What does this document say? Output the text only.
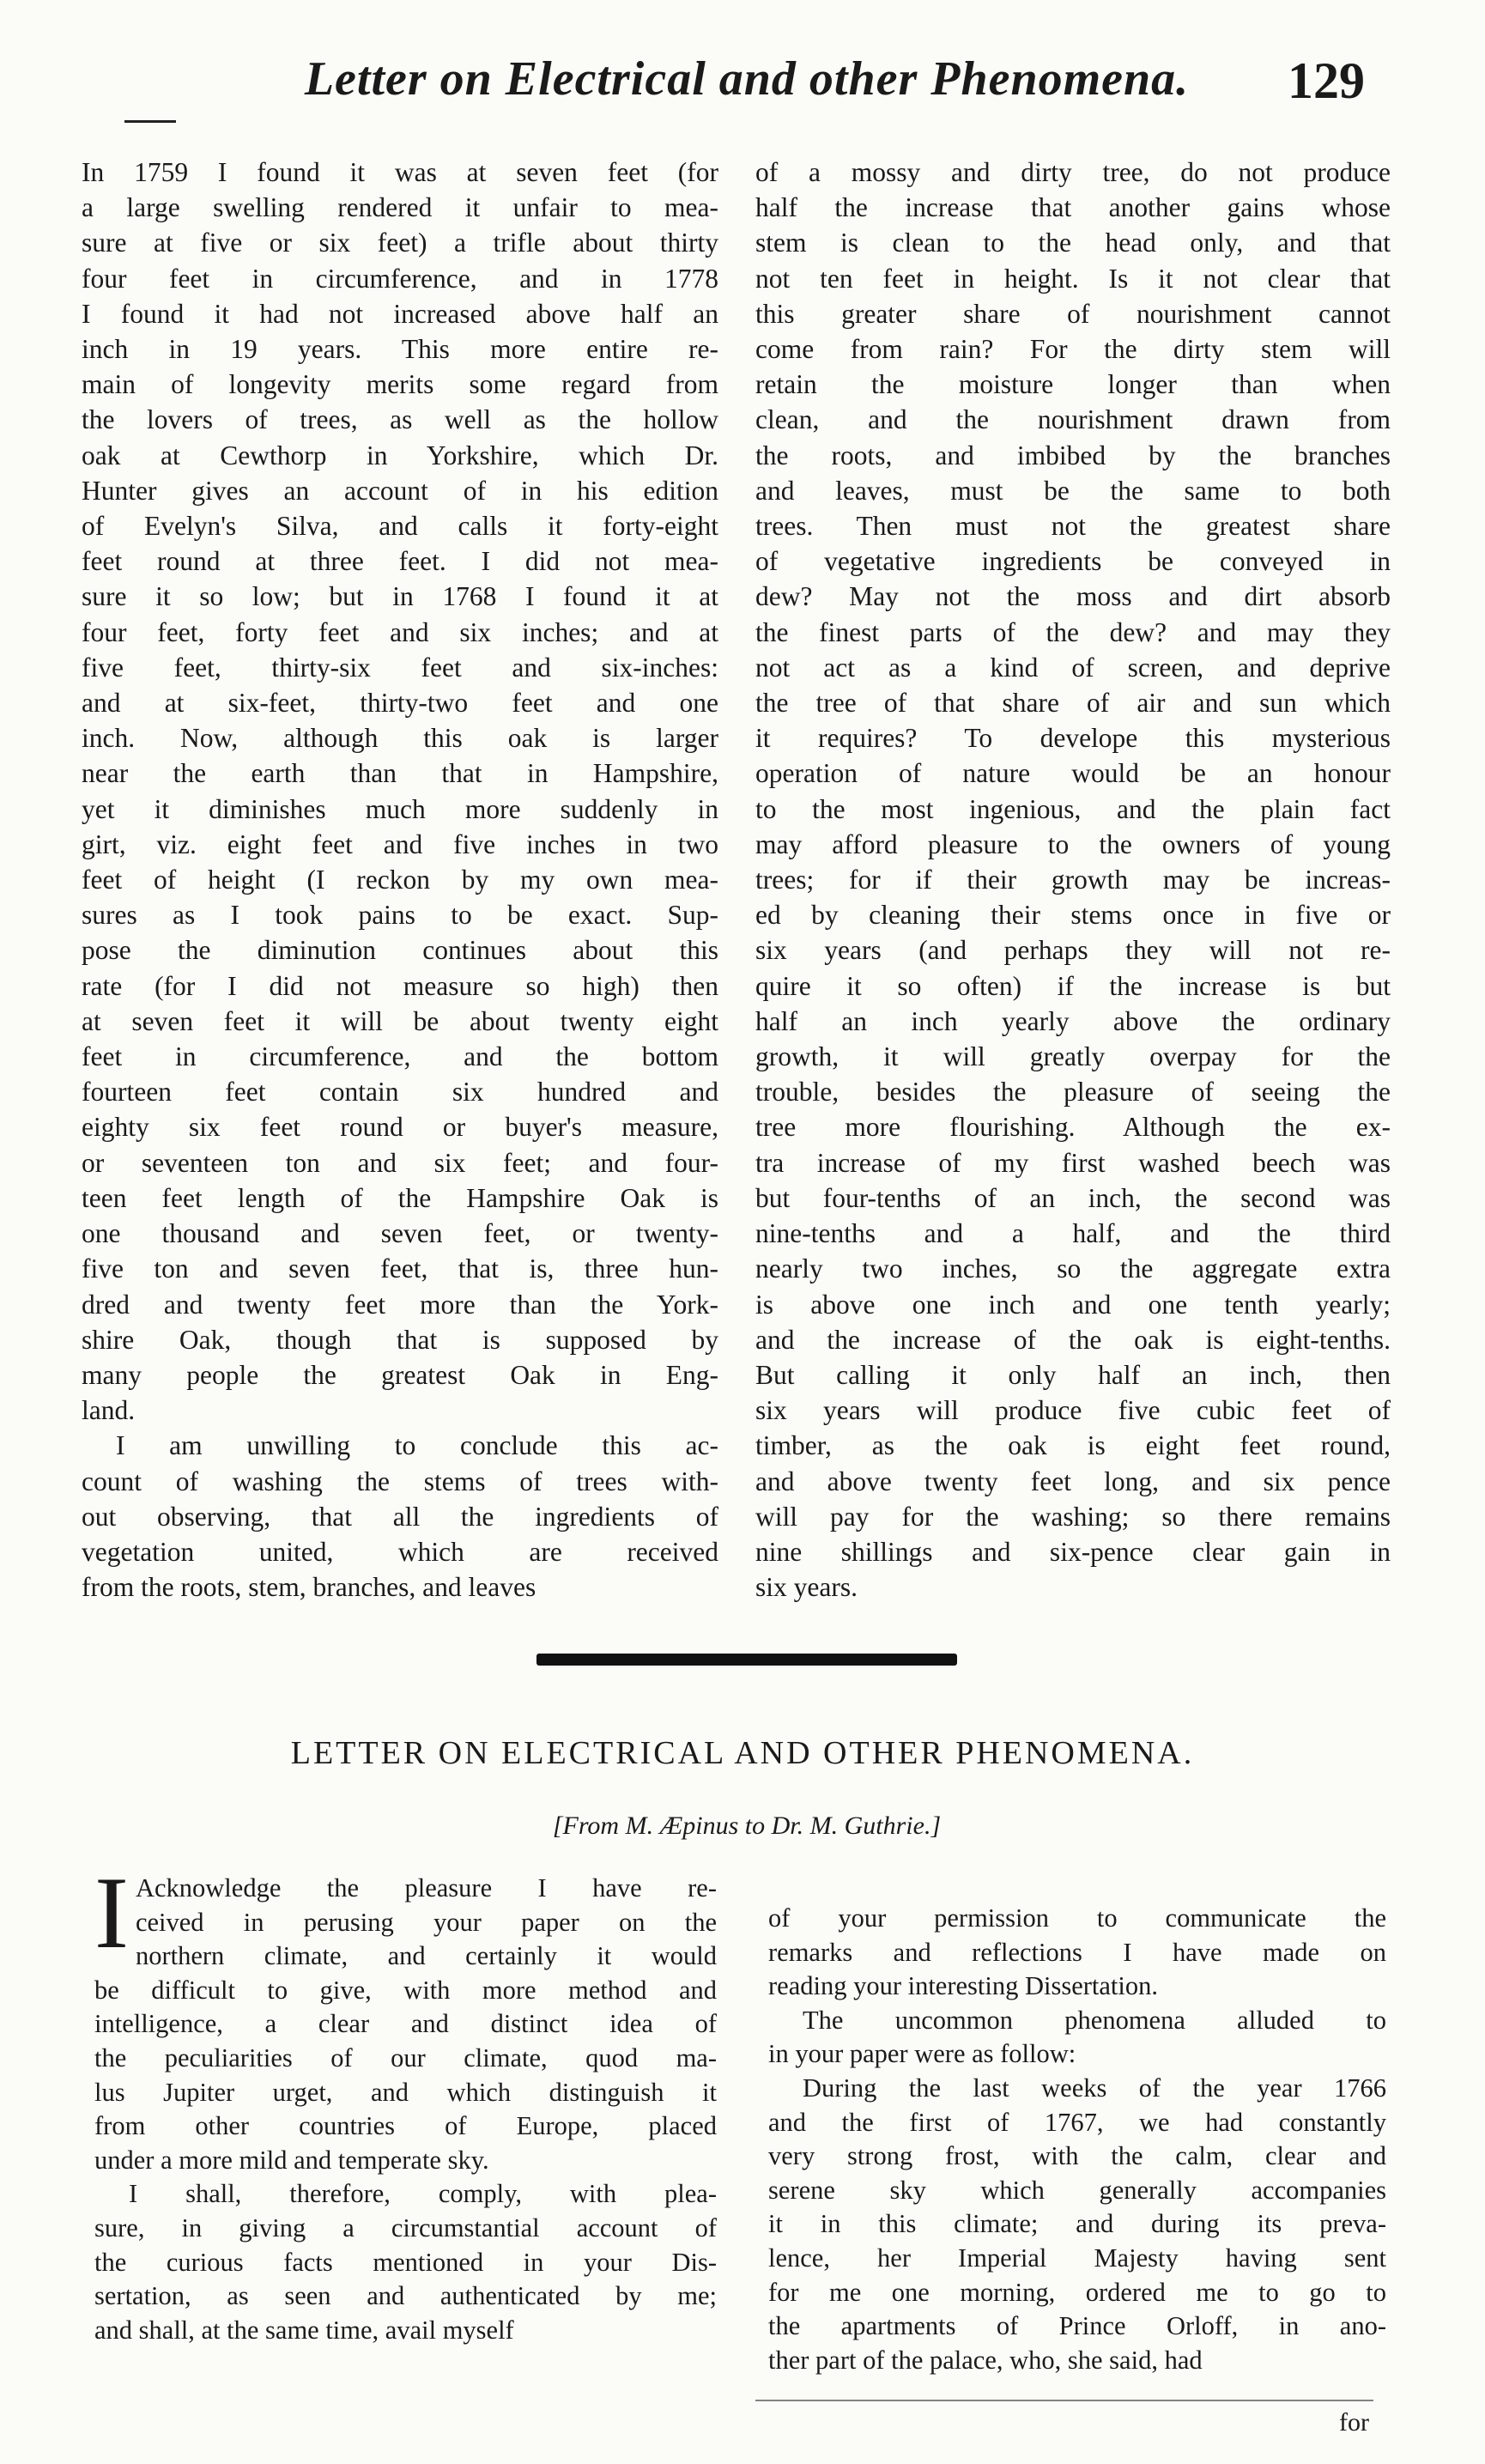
Letter on Electrical and other Phenomena.	129
In 1759 I found it was at seven feet (for
a large swelling rendered it unfair to mea-
sure at five or six feet) a trifle about thirty
four feet in circumference, and in 1778
I found it had not increased above half an
inch in 19 years. This more entire re-
main of longevity merits some regard from
the lovers of trees, as well as the hollow
oak at Cewthorp in Yorkshire, which Dr.
Hunter gives an account of in his edition
of Evelyn's Silva, and calls it forty-eight
feet round at three feet. I did not mea-
sure it so low; but in 1768 I found it at
four feet, forty feet and six inches; and at
five feet, thirty-six feet and six-inches:
and at six-feet, thirty-two feet and one
inch. Now, although this oak is larger
near the earth than that in Hampshire,
yet it diminishes much more suddenly in
girt, viz. eight feet and five inches in two
feet of height (I reckon by my own mea-
sures as I took pains to be exact. Sup-
pose the diminution continues about this
rate (for I did not measure so high) then
at seven feet it will be about twenty eight
feet in circumference, and the bottom
fourteen feet contain six hundred and
eighty six feet round or buyer's measure,
or seventeen ton and six feet; and four-
teen feet length of the Hampshire Oak is
one thousand and seven feet, or twenty-
five ton and seven feet, that is, three hun-
dred and twenty feet more than the York-
shire Oak, though that is supposed by
many people the greatest Oak in Eng-
land.
I am unwilling to conclude this ac-
count of washing the stems of trees with-
out observing, that all the ingredients of
vegetation united, which are received
from the roots, stem, branches, and leaves
of a mossy and dirty tree, do not produce
half the increase that another gains whose
stem is clean to the head only, and that
not ten feet in height. Is it not clear that
this greater share of nourishment cannot
come from rain? For the dirty stem will
retain the moisture longer than when
clean, and the nourishment drawn from
the roots, and imbibed by the branches
and leaves, must be the same to both
trees. Then must not the greatest share
of vegetative ingredients be conveyed in
dew? May not the moss and dirt absorb
the finest parts of the dew? and may they
not act as a kind of screen, and deprive
the tree of that share of air and sun which
it requires? To develope this mysterious
operation of nature would be an honour
to the most ingenious, and the plain fact
may afford pleasure to the owners of young
trees; for if their growth may be increas-
ed by cleaning their stems once in five or
six years (and perhaps they will not re-
quire it so often) if the increase is but
half an inch yearly above the ordinary
growth, it will greatly overpay for the
trouble, besides the pleasure of seeing the
tree more flourishing. Although the ex-
tra increase of my first washed beech was
but four-tenths of an inch, the second was
nine-tenths and a half, and the third
nearly two inches, so the aggregate extra
is above one inch and one tenth yearly;
and the increase of the oak is eight-tenths.
But calling it only half an inch, then
six years will produce five cubic feet of
timber, as the oak is eight feet round,
and above twenty feet long, and six pence
will pay for the washing; so there remains
nine shillings and six-pence clear gain in
six years.
LETTER ON ELECTRICAL AND OTHER PHENOMENA.
[From M. Æpinus to Dr. M. Guthrie.]
I Acknowledge the pleasure I have re-
ceived in perusing your paper on the
northern climate, and certainly it would
be difficult to give, with more method and
intelligence, a clear and distinct idea of
the peculiarities of our climate, quod ma-
lus Jupiter urget, and which distinguish it
from other countries of Europe, placed
under a more mild and temperate sky.
I shall, therefore, comply, with plea-
sure, in giving a circumstantial account of
the curious facts mentioned in your Dis-
sertation, as seen and authenticated by me;
and shall, at the same time, avail myself
of your permission to communicate the
remarks and reflections I have made on
reading your interesting Dissertation.
The uncommon phenomena alluded to
in your paper were as follow:
During the last weeks of the year 1766
and the first of 1767, we had constantly
very strong frost, with the calm, clear and
serene sky which generally accompanies
it in this climate; and during its preva-
lence, her Imperial Majesty having sent
for me one morning, ordered me to go to
the apartments of Prince Orloff, in ano-
ther part of the palace, who, she said, had
for
